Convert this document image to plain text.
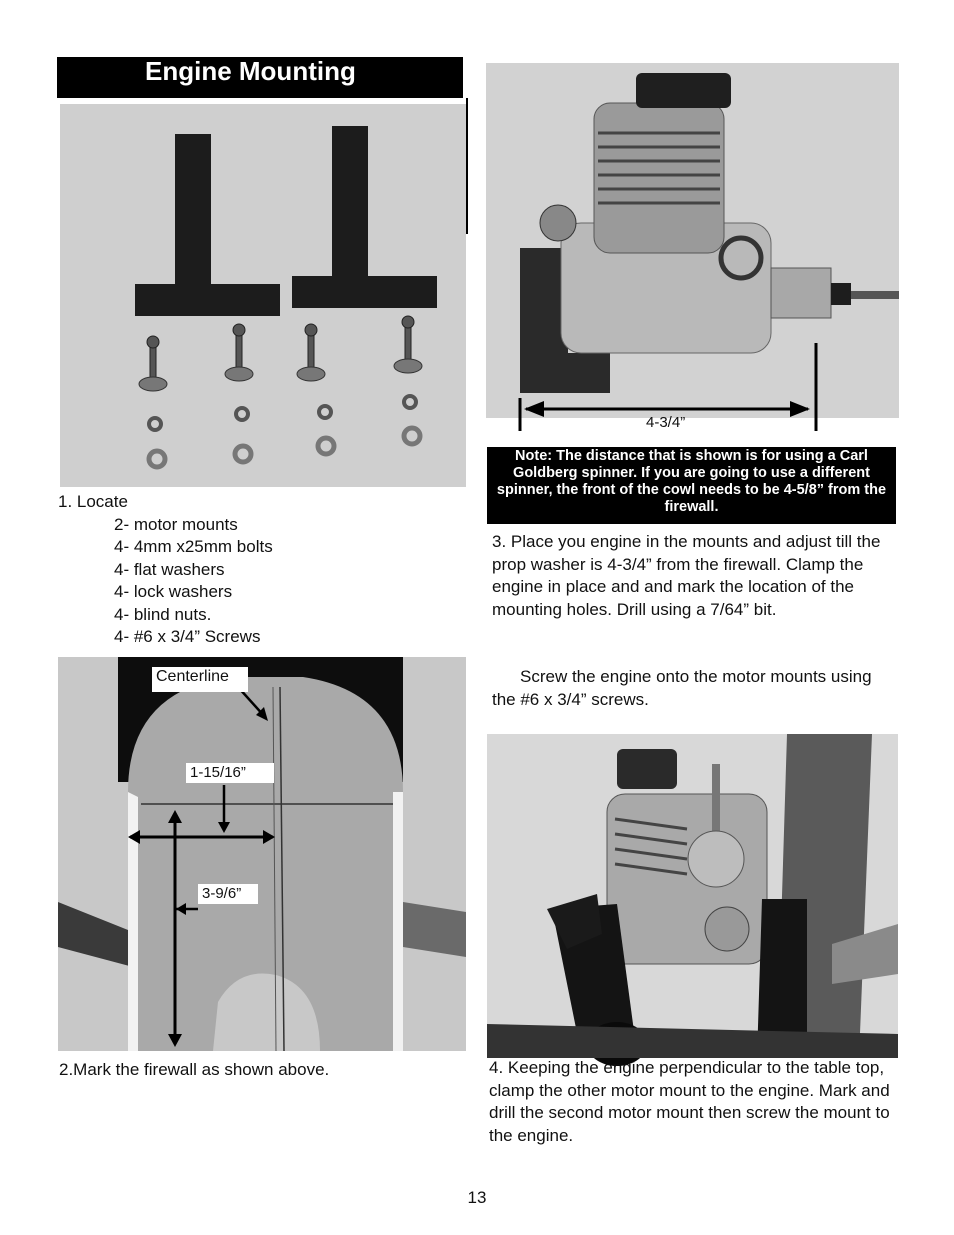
Engine Mounting
1. Locate
2- motor mounts
4- 4mm x25mm bolts
4- flat washers
4- lock washers
4- blind nuts.
4- #6 x 3/4” Screws
Centerline
1-15/16”
3-9/6”
2.Mark the firewall as shown above.
4-3/4”
Note: The distance that is shown is for using a Carl Goldberg spinner. If you are going to use a different spinner, the front of the cowl needs to be 4-5/8” from the firewall.
3. Place you engine in the mounts and adjust till the prop washer is 4-3/4” from the firewall. Clamp the engine in place and and mark the location of the mounting holes. Drill using a 7/64” bit.
Screw the engine onto the motor mounts using the #6 x 3/4” screws.
4. Keeping the engine perpendicular to the table top, clamp the other motor mount to the engine. Mark and drill the second motor mount then screw the mount to the engine.
13
